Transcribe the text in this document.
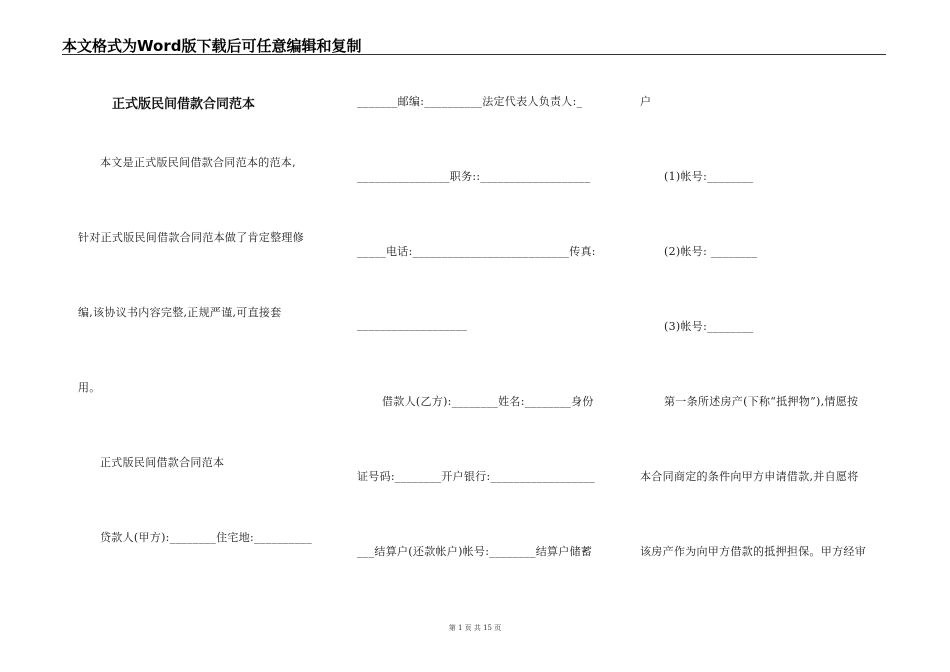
本文格式为Word版下载后可任意编辑和复制
正式版民间借款合同范本
本文是正式版民间借款合同范本的范本,
针对正式版民间借款合同范本做了肯定整理修
编,该协议书内容完整,正规严谨,可直接套
用。
正式版民间借款合同范本
贷款人(甲方):________住宅地:__________
_______邮编:__________法定代表人负责人:_
________________职务::___________________
_____电话:___________________________传真:
___________________
借款人(乙方):________姓名:________身份
证号码:________开户银行:__________________
___结算户(还款帐户)帐号:________结算户储蓄
户
(1)帐号:________
(2)帐号: ________
(3)帐号:________
第一条所述房产(下称“抵押物”),情愿按
本合同商定的条件向甲方申请借款,并自愿将
该房产作为向甲方借款的抵押担保。甲方经审
第 1 页 共 15 页
